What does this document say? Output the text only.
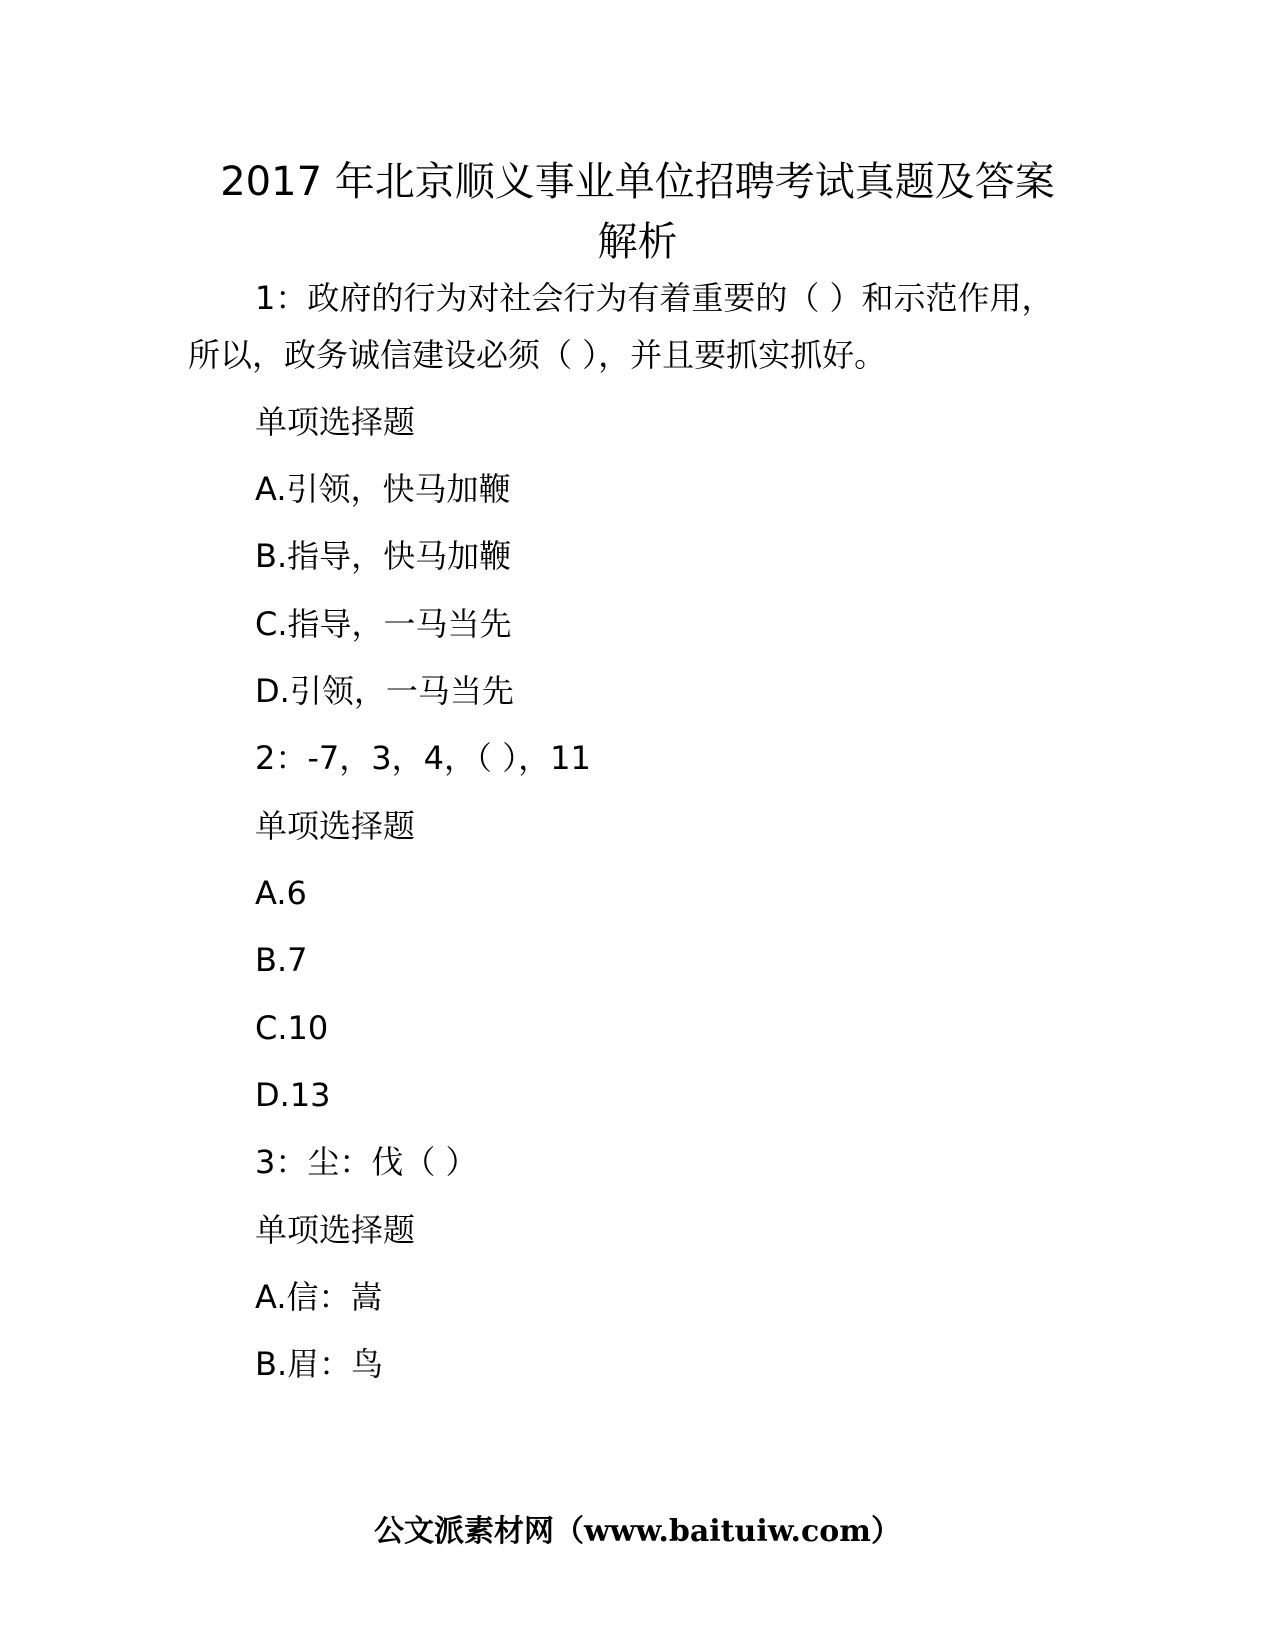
2017 年北京顺义事业单位招聘考试真题及答案
解析
1：政府的行为对社会行为有着重要的（ ）和示范作用，
所以，政务诚信建设必须（ ），并且要抓实抓好。
单项选择题
A.引领，快马加鞭
B.指导，快马加鞭
C.指导，一马当先
D.引领，一马当先
2：-7，3，4，（ ），11
单项选择题
A.6
B.7
C.10
D.13
3：尘：伐（ ）
单项选择题
A.信：嵩
B.眉：鸟
公文派素材网（www.baituiw.com）
